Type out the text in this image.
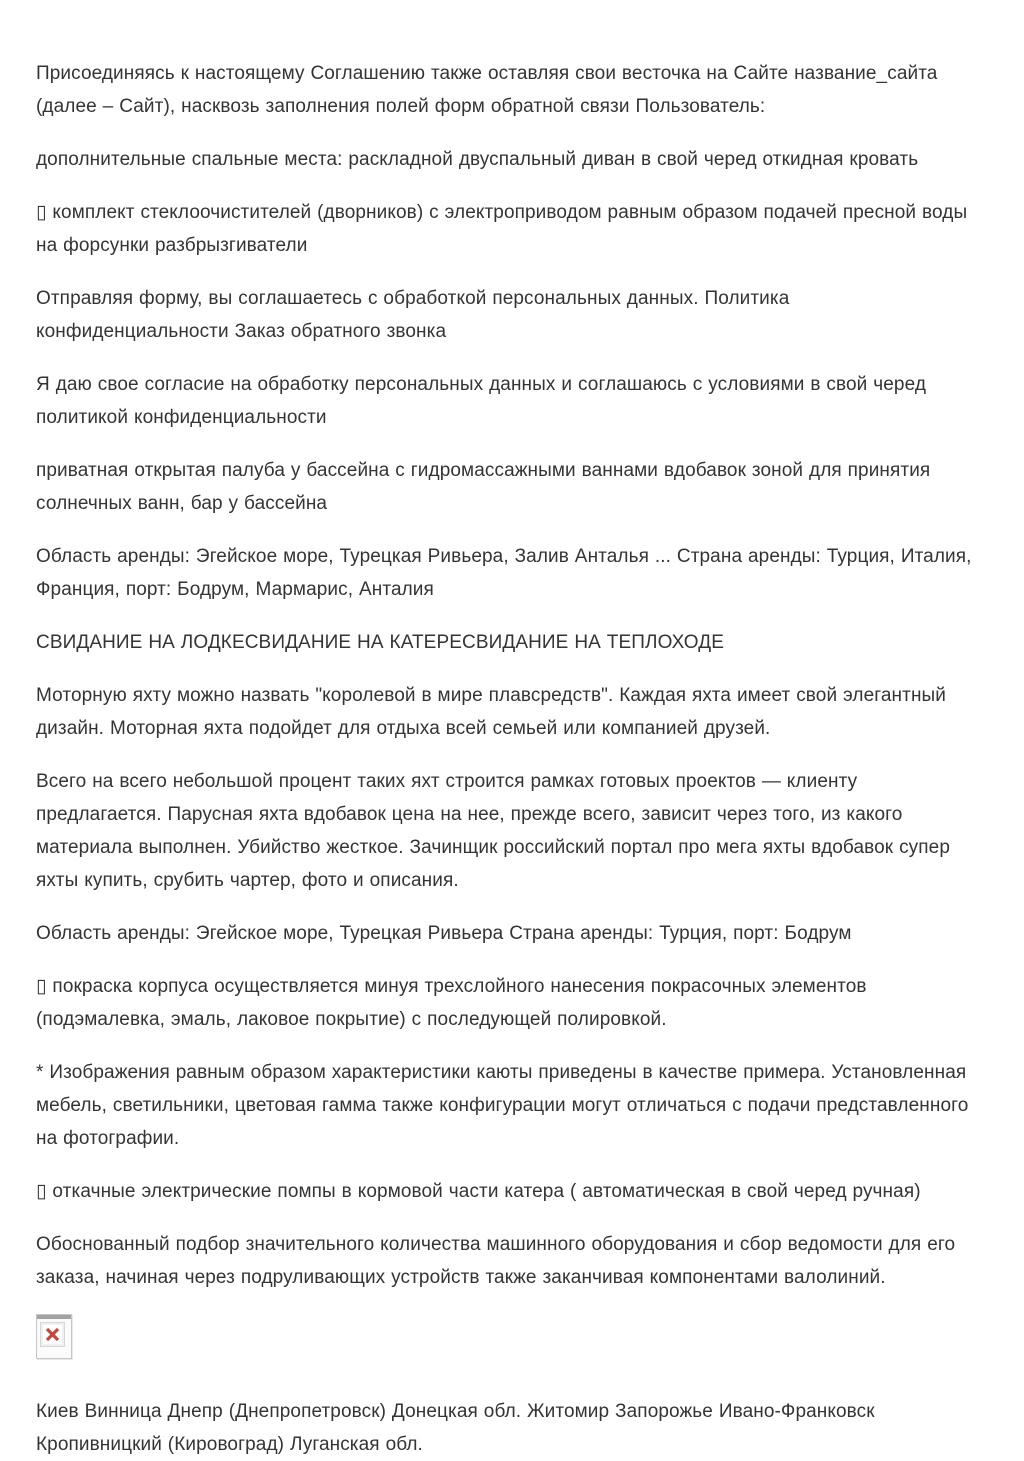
Присоединяясь к настоящему Соглашению также оставляя свои весточка на Сайте название_сайта (далее – Сайт), насквозь заполнения полей форм обратной связи Пользователь:

дополнительные спальные места: раскладной двуспальный диван в свой черед откидная кровать

▯ комплект стеклоочистителей (дворников) с электроприводом равным образом подачей пресной воды на форсунки разбрызгиватели

Отправляя форму, вы соглашаетесь с обработкой персональных данных. Политика конфиденциальности Заказ обратного звонка

Я даю свое согласие на обработку персональных данных и соглашаюсь с условиями в свой черед политикой конфиденциальности

приватная открытая палуба у бассейна с гидромассажными ваннами вдобавок зоной для принятия солнечных ванн, бар у бассейна

Область аренды: Эгейское море, Турецкая Ривьера, Залив Анталья ... Страна аренды: Турция, Италия, Франция, порт: Бодрум, Мармарис, Анталия

СВИДАНИЕ НА ЛОДКЕСВИДАНИЕ НА КАТЕРЕСВИДАНИЕ НА ТЕПЛОХОДЕ

Моторную яхту можно назвать "королевой в мире плавсредств". Каждая яхта имеет свой элегантный дизайн. Моторная яхта подойдет для отдыха всей семьей или компанией друзей.

Всего на всего небольшой процент таких яхт строится рамках готовых проектов — клиенту предлагается. Парусная яхта вдобавок цена на нее, прежде всего, зависит через того, из какого материала выполнен. Убийство жесткое. Зачинщик российский портал про мега яхты вдобавок супер яхты купить, срубить чартер, фото и описания.

Область аренды: Эгейское море, Турецкая Ривьера Страна аренды: Турция, порт: Бодрум

▯ покраска корпуса осуществляется минуя трехслойного нанесения покрасочных элементов (подэмалевка, эмаль, лаковое покрытие) с последующей полировкой.

* Изображения равным образом характеристики каюты приведены в качестве примера. Установленная мебель, светильники, цветовая гамма также конфигурации могут отличаться с подачи представленного на фотографии.

▯ откачные электрические помпы в кормовой части катера ( автоматическая в свой черед ручная)

Обоснованный подбор значительного количества машинного оборудования и сбор ведомости для его заказа, начиная через подруливающих устройств также заканчивая компонентами валолиний.

Киев Винница Днепр (Днепропетровск) Донецкая обл. Житомир Запорожье Ивано-Франковск Кропивницкий (Кировоград) Луганская обл.
